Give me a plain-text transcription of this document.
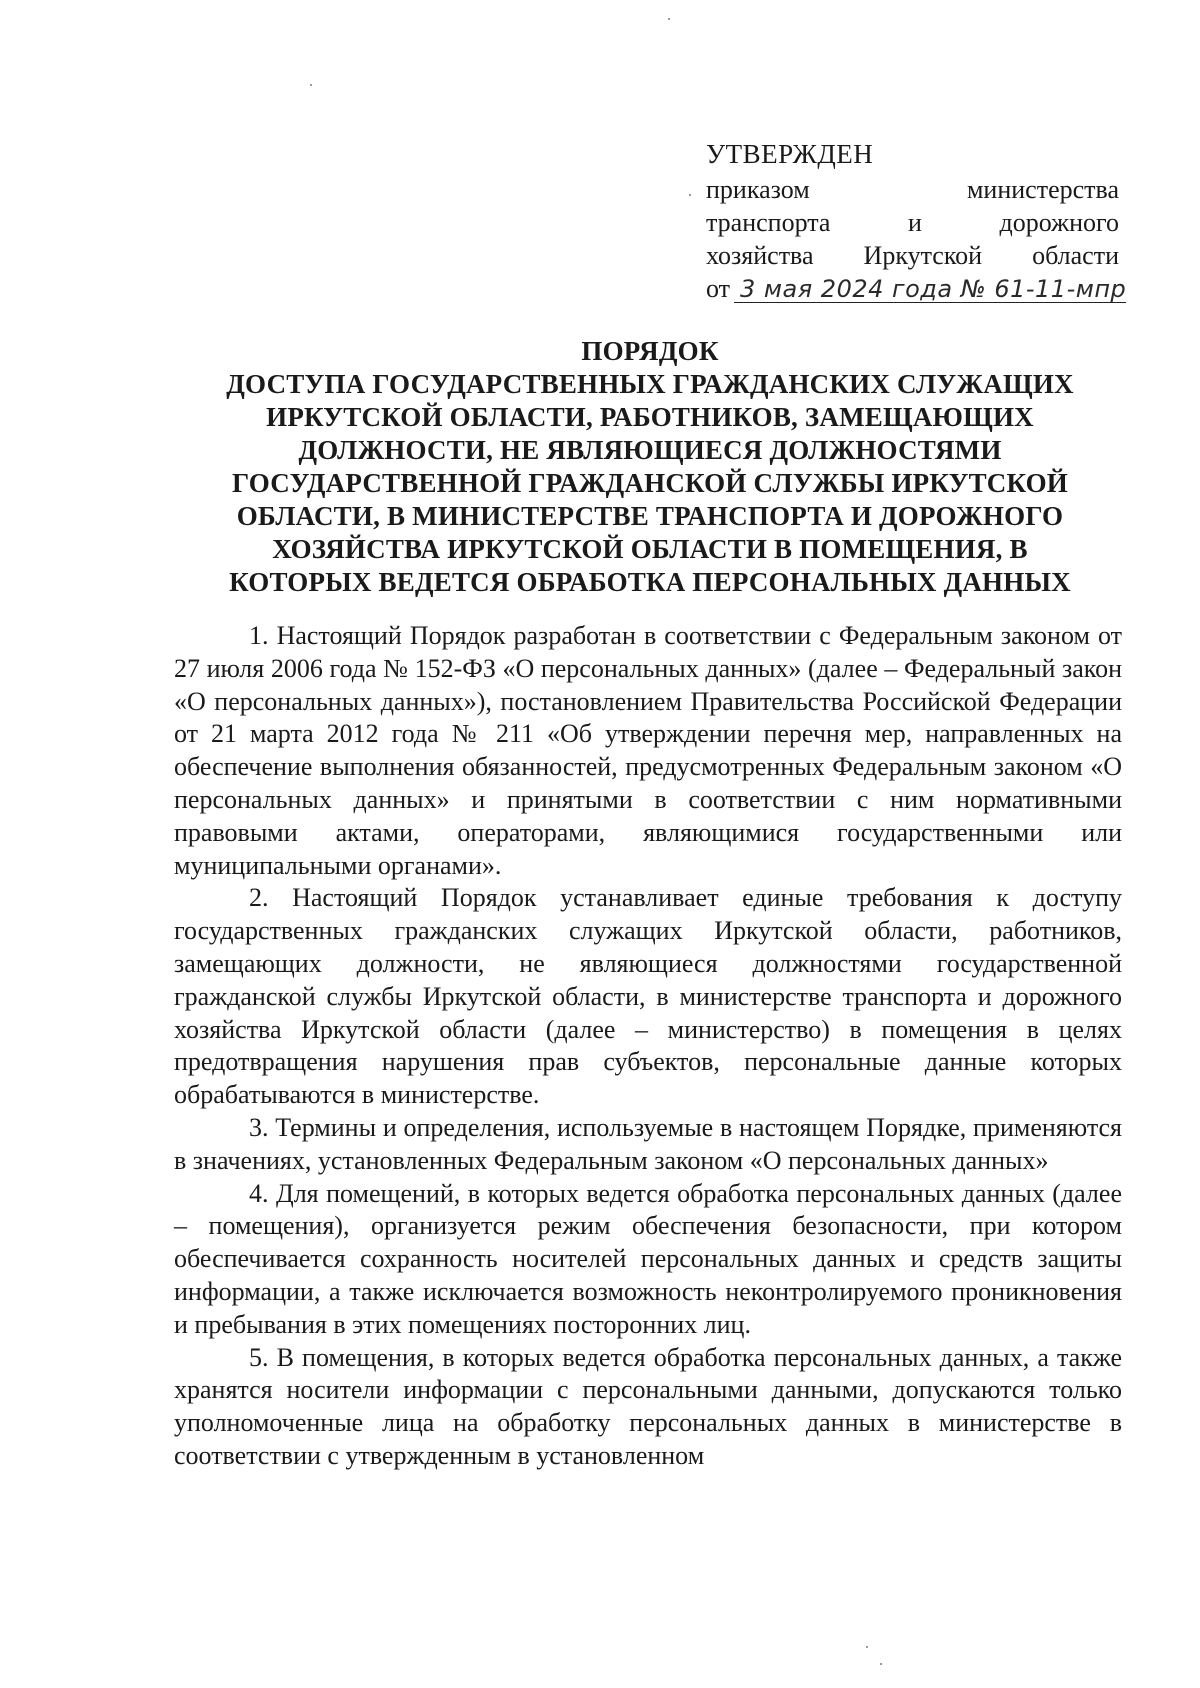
УТВЕРЖДЕН
приказом министерства
транспорта и дорожного
хозяйства Иркутской области
от 3 мая 2024 года № 61-11-мпр
ПОРЯДОК
ДОСТУПА ГОСУДАРСТВЕННЫХ ГРАЖДАНСКИХ СЛУЖАЩИХ
ИРКУТСКОЙ ОБЛАСТИ, РАБОТНИКОВ, ЗАМЕЩАЮЩИХ
ДОЛЖНОСТИ, НЕ ЯВЛЯЮЩИЕСЯ ДОЛЖНОСТЯМИ
ГОСУДАРСТВЕННОЙ ГРАЖДАНСКОЙ СЛУЖБЫ ИРКУТСКОЙ
ОБЛАСТИ, В МИНИСТЕРСТВЕ ТРАНСПОРТА И ДОРОЖНОГО
ХОЗЯЙСТВА ИРКУТСКОЙ ОБЛАСТИ В ПОМЕЩЕНИЯ, В
КОТОРЫХ ВЕДЕТСЯ ОБРАБОТКА ПЕРСОНАЛЬНЫХ ДАННЫХ

1. Настоящий Порядок разработан в соответствии с Федеральным законом от 27 июля 2006 года № 152-ФЗ «О персональных данных» (далее – Федеральный закон «О персональных данных»), постановлением Правительства Российской Федерации от 21 марта 2012 года № 211 «Об утверждении перечня мер, направленных на обеспечение выполнения обязанностей, предусмотренных Федеральным законом «О персональных данных» и принятыми в соответствии с ним нормативными правовыми актами, операторами, являющимися государственными или муниципальными органами».

2. Настоящий Порядок устанавливает единые требования к доступу государственных гражданских служащих Иркутской области, работников, замещающих должности, не являющиеся должностями государственной гражданской службы Иркутской области, в министерстве транспорта и дорожного хозяйства Иркутской области (далее – министерство) в помещения в целях предотвращения нарушения прав субъектов, персональные данные которых обрабатываются в министерстве.

3. Термины и определения, используемые в настоящем Порядке, применяются в значениях, установленных Федеральным законом «О персональных данных»

4. Для помещений, в которых ведется обработка персональных данных (далее – помещения), организуется режим обеспечения безопасности, при котором обеспечивается сохранность носителей персональных данных и средств защиты информации, а также исключается возможность неконтролируемого проникновения и пребывания в этих помещениях посторонних лиц.

5. В помещения, в которых ведется обработка персональных данных, а также хранятся носители информации с персональными данными, допускаются только уполномоченные лица на обработку персональных данных в министерстве в соответствии с утвержденным в установленном
